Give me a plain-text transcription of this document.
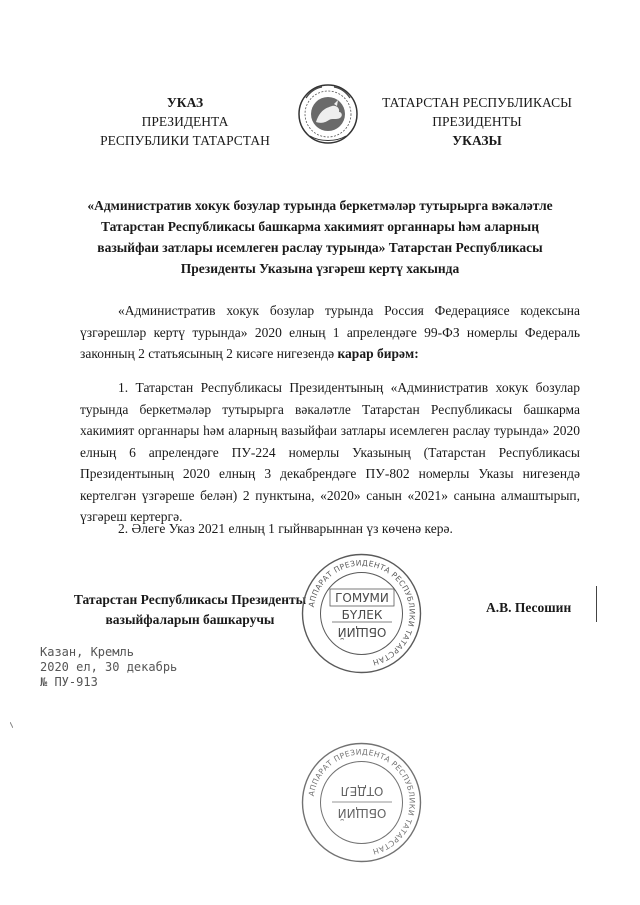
УКАЗ
ПРЕЗИДЕНТА
РЕСПУБЛИКИ ТАТАРСТАН
ТАТАРСТАН РЕСПУБЛИКАСЫ
ПРЕЗИДЕНТЫ
УКАЗЫ
«Административ хокук бозулар турында беркетмәләр тутырырга вәкаләтле Татарстан Республикасы башкарма хакимият органнары һәм аларның вазыйфаи затлары исемлеген раслау турында» Татарстан Республикасы Президенты Указына үзгәреш кертү хакында

«Административ хокук бозулар турында Россия Федерациясе кодексына үзгәрешләр кертү турында» 2020 елның 1 апрелендәге 99-ФЗ номерлы Федераль законның 2 статьясының 2 кисәге нигезендә карар бирәм:

1. Татарстан Республикасы Президентының «Административ хокук бозулар турында беркетмәләр тутырырга вәкаләтле Татарстан Республикасы башкарма хакимият органнары һәм аларның вазыйфаи затлары исемлеген раслау турында» 2020 елның 6 апрелендәге ПУ-224 номерлы Указының (Татарстан Республикасы Президентының 2020 елның 3 декабрендәге ПУ-802 номерлы Указы нигезендә кертелгән үзгәреше белән) 2 пунктына, «2020» санын «2021» санына алмаштырып, үзгәреш кертергә.

2. Әлеге Указ 2021 елның 1 гыйнварыннан үз көченә керә.

Татарстан Республикасы Президенты
вазыйфаларын башкаручы
АППАРАТ ПРЕЗИДЕНТА РЕСПУБЛИКИ ТАТАРСТАН
ГОМУМИ
БҮЛЕК
ОБЩИЙ
А.В. Песошин
Казан, Кремль
2020 ел, 30 декабрь
№ ПУ-913
АППАРАТ ПРЕЗИДЕНТА РЕСПУБЛИКИ ТАТАРСТАН
ОТДЕЛ
ОБЩИЙ
